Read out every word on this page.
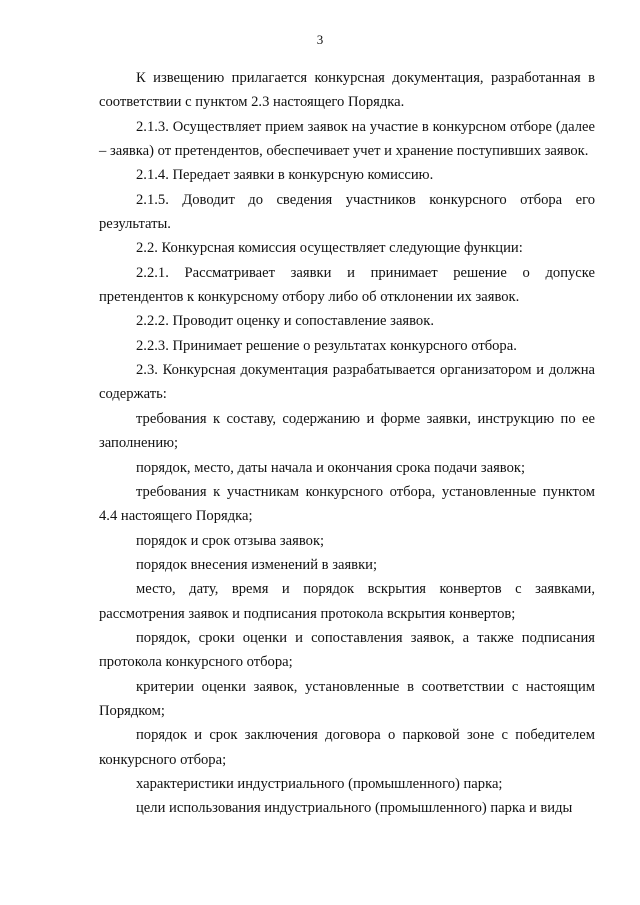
3

К извещению прилагается конкурсная документация, разработанная в соответствии с пунктом 2.3 настоящего Порядка.

2.1.3. Осуществляет прием заявок на участие в конкурсном отборе (далее – заявка) от претендентов, обеспечивает учет и хранение поступивших заявок.

2.1.4. Передает заявки в конкурсную комиссию.

2.1.5. Доводит до сведения участников конкурсного отбора его результаты.

2.2. Конкурсная комиссия осуществляет следующие функции:

2.2.1. Рассматривает заявки и принимает решение о допуске претендентов к конкурсному отбору либо об отклонении их заявок.

2.2.2. Проводит оценку и сопоставление заявок.

2.2.3. Принимает решение о результатах конкурсного отбора.

2.3. Конкурсная документация разрабатывается организатором и должна содержать:

требования к составу, содержанию и форме заявки, инструкцию по ее заполнению;

порядок, место, даты начала и окончания срока подачи заявок;

требования к участникам конкурсного отбора, установленные пунктом 4.4 настоящего Порядка;

порядок и срок отзыва заявок;

порядок внесения изменений в заявки;

место, дату, время и порядок вскрытия конвертов с заявками, рассмотрения заявок и подписания протокола вскрытия конвертов;

порядок, сроки оценки и сопоставления заявок, а также подписания протокола конкурсного отбора;

критерии оценки заявок, установленные в соответствии с настоящим Порядком;

порядок и срок заключения договора о парковой зоне с победителем конкурсного отбора;

характеристики индустриального (промышленного) парка;

цели использования индустриального (промышленного) парка и виды
